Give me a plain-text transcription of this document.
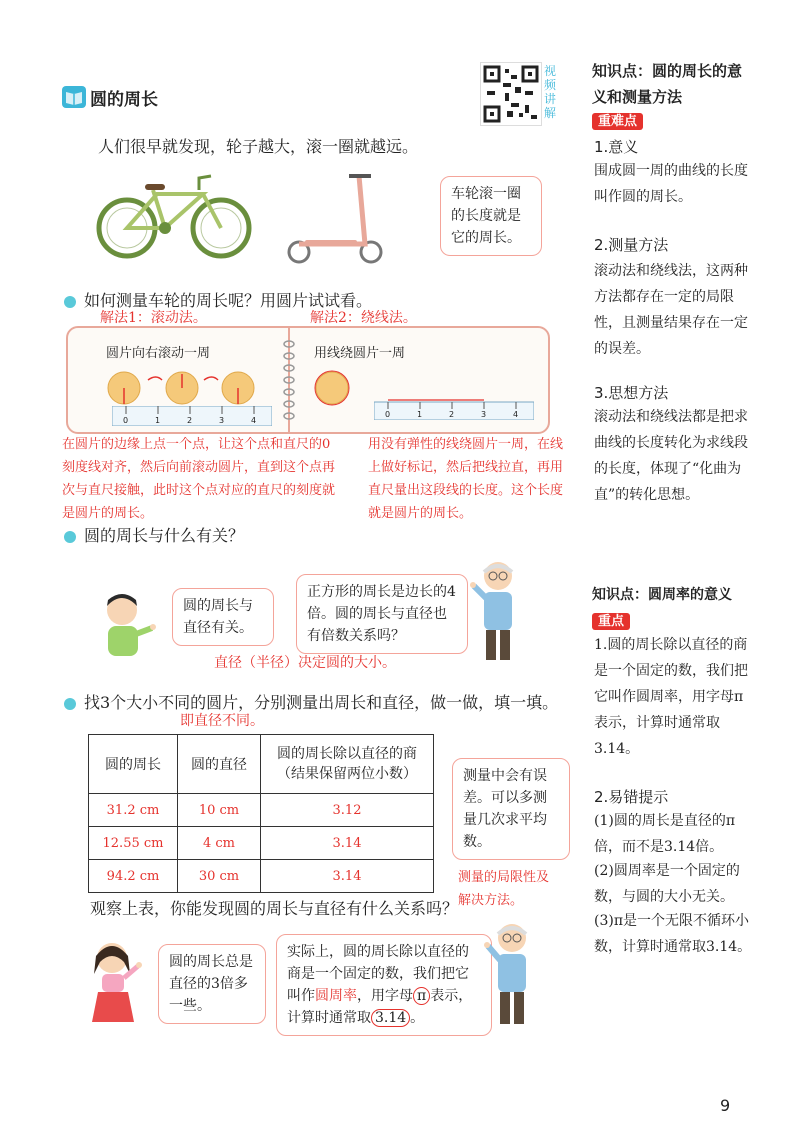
圆的周长
视频讲解
人们很早就发现，轮子越大，滚一圈就越远。
车轮滚一圈的长度就是它的周长。
如何测量车轮的周长呢？用圆片试试看。
解法1：滚动法。	解法2：绕线法。
圆片向右滚动一周	用线绕圆片一周
0	1	2	3	4
0	1	2	3	4
在圆片的边缘上点一个点，让这个点和直尺的0刻度线对齐，然后向前滚动圆片，直到这个点再次与直尺接触，此时这个点对应的直尺的刻度就是圆片的周长。
用没有弹性的线绕圆片一周，在线上做好标记，然后把线拉直，再用直尺量出这段线的长度。这个长度就是圆片的周长。
圆的周长与什么有关？
圆的周长与直径有关。
正方形的周长是边长的4倍。圆的周长与直径也有倍数关系吗？
直径（半径）决定圆的大小。
找3个大小不同的圆片，分别测量出周长和直径，做一做，填一填。
即直径不同。
圆的周长	圆的直径	圆的周长除以直径的商
（结果保留两位小数）
31.2 cm	10 cm	3.12
12.55 cm	4 cm	3.14
94.2 cm	30 cm	3.14
测量中会有误差。可以多测量几次求平均数。
测量的局限性及解决方法。
观察上表，你能发现圆的周长与直径有什么关系吗？
圆的周长总是直径的3倍多一些。
实际上，圆的周长除以直径的商是一个固定的数，我们把它叫作圆周率，用字母 π 表示，计算时通常取 3.14 。
知识点：圆的周长的意义和测量方法
重难点
1.意义
围成圆一周的曲线的长度叫作圆的周长。
2.测量方法
滚动法和绕线法，这两种方法都存在一定的局限性，且测量结果存在一定的误差。
3.思想方法
滚动法和绕线法都是把求曲线的长度转化为求线段的长度，体现了“化曲为直”的转化思想。
知识点：圆周率的意义
重点
1.圆的周长除以直径的商是一个固定的数，我们把它叫作圆周率，用字母π表示，计算时通常取3.14。
2.易错提示
(1)圆的周长是直径的π倍，而不是3.14倍。
(2)圆周率是一个固定的数，与圆的大小无关。
(3)π是一个无限不循环小数，计算时通常取3.14。
9
